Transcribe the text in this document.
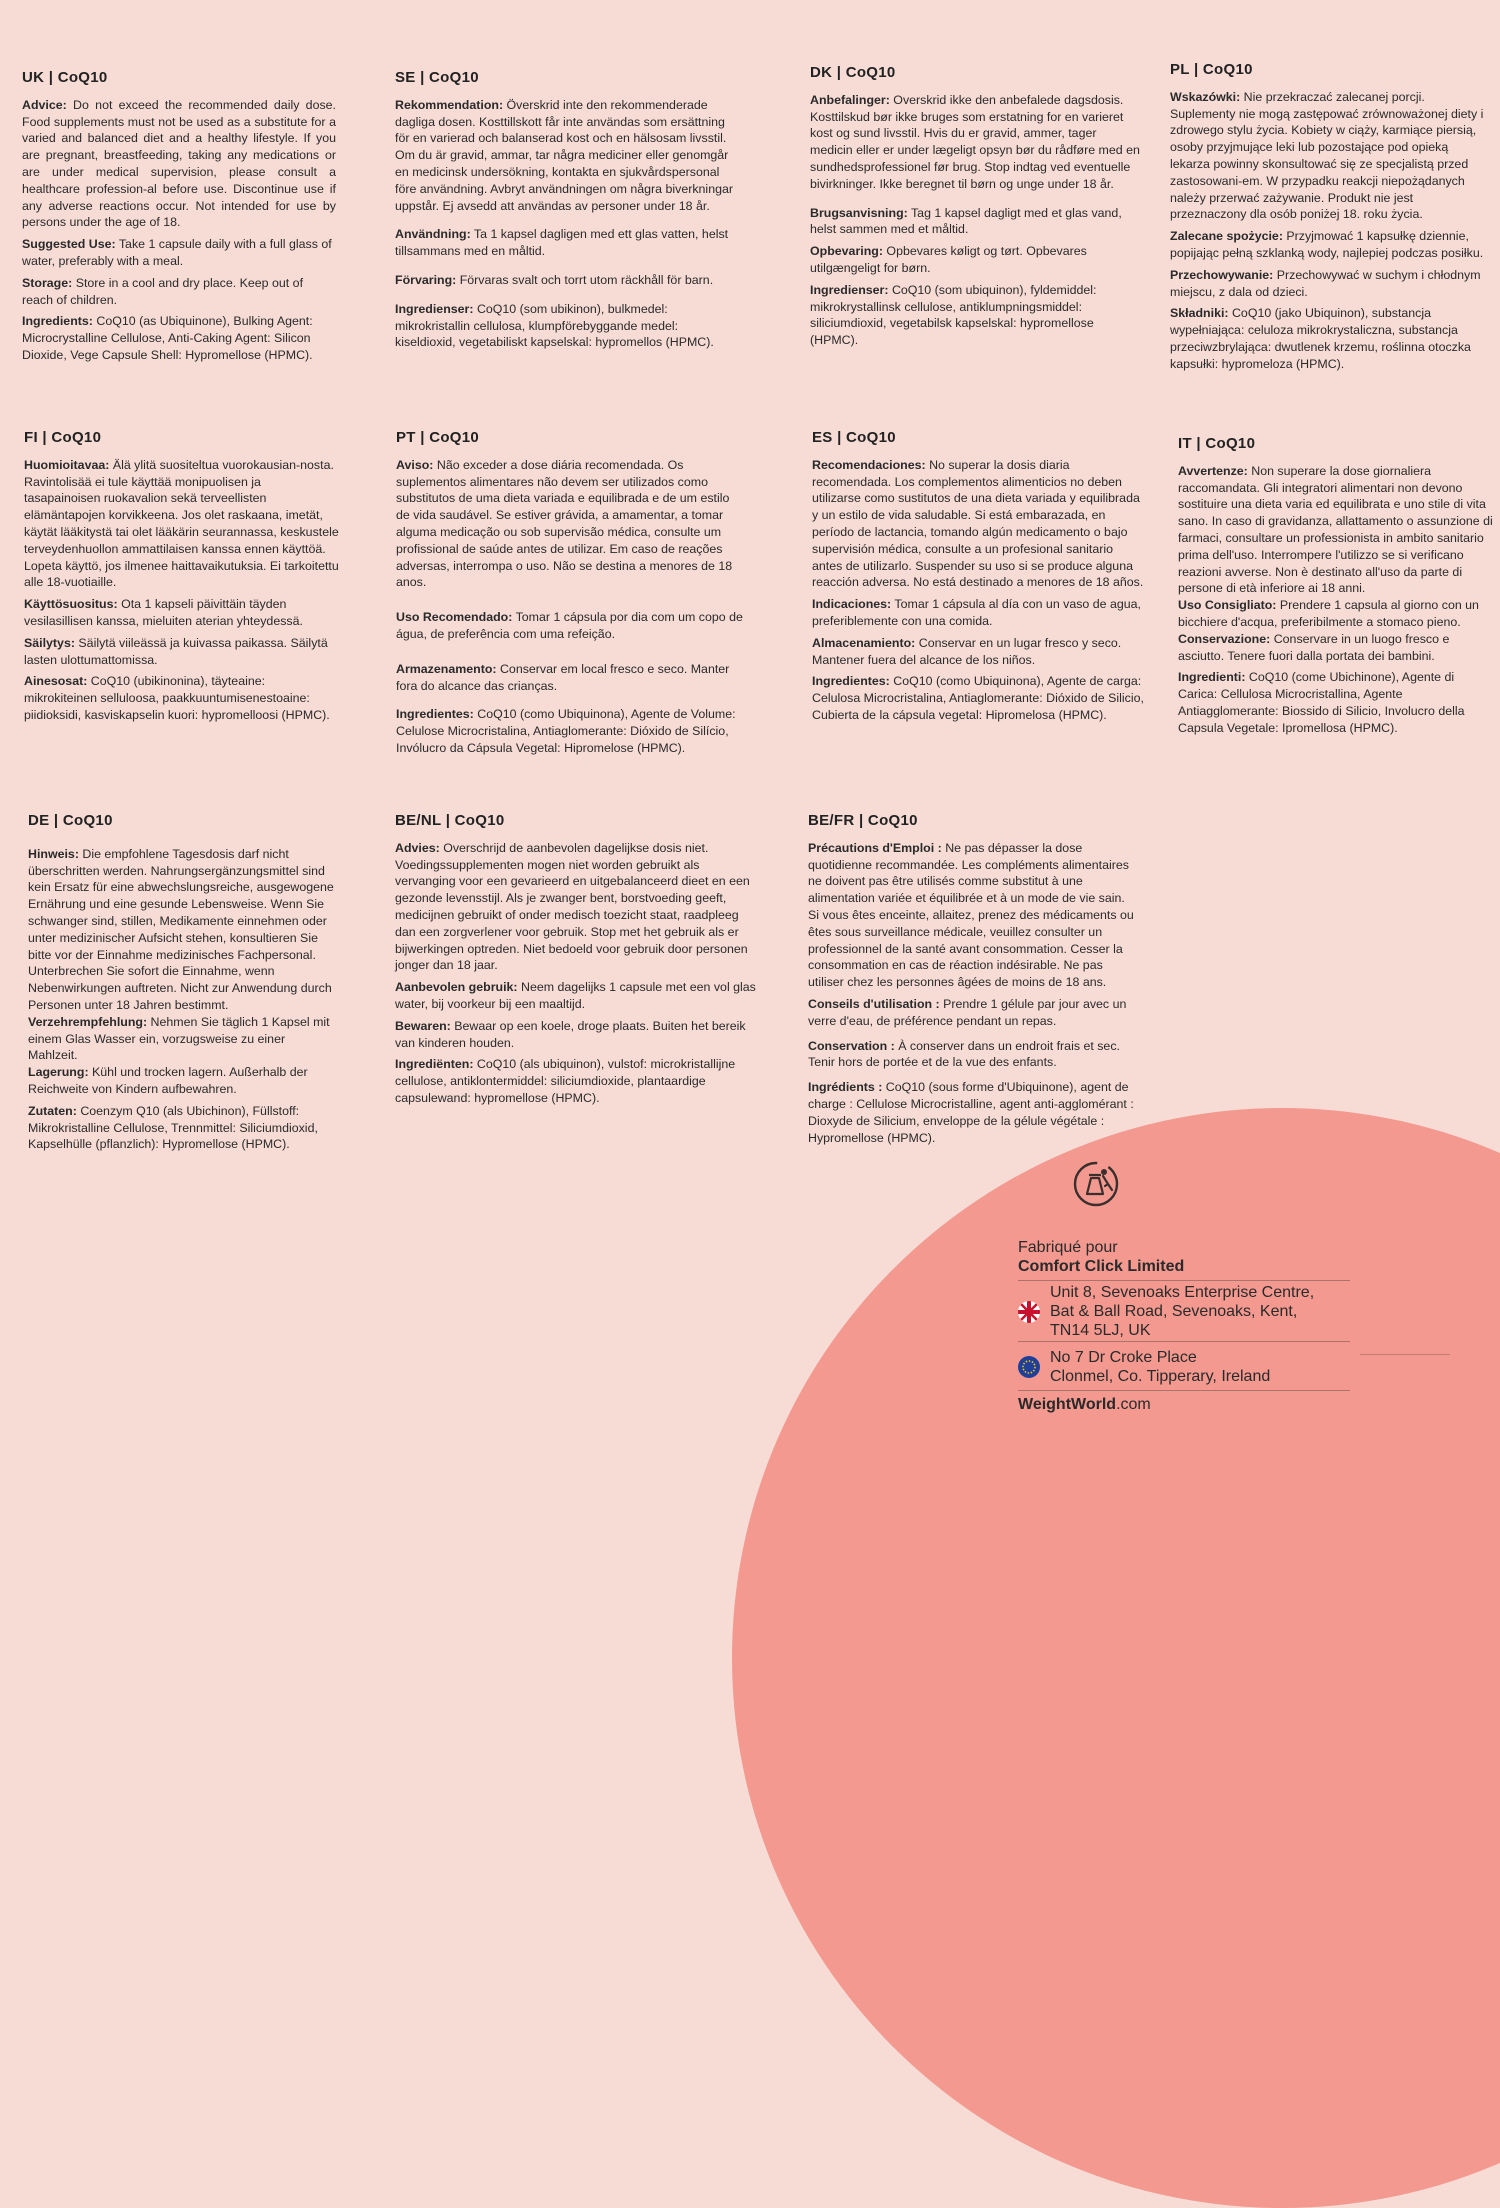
UK | CoQ10

Advice: Do not exceed the recommended daily dose. Food supplements must not be used as a substitute for a varied and balanced diet and a healthy lifestyle. If you are pregnant, breastfeeding, taking any medications or are under medical supervision, please consult a healthcare profession-al before use. Discontinue use if any adverse reactions occur. Not intended for use by persons under the age of 18.

Suggested Use: Take 1 capsule daily with a full glass of water, preferably with a meal.

Storage: Store in a cool and dry place. Keep out of reach of children.

Ingredients: CoQ10 (as Ubiquinone), Bulking Agent: Microcrystalline Cellulose, Anti-Caking Agent: Silicon Dioxide, Vege Capsule Shell: Hypromellose (HPMC).

SE | CoQ10

Rekommendation: Överskrid inte den rekommenderade dagliga dosen. Kosttillskott får inte användas som ersättning för en varierad och balanserad kost och en hälsosam livsstil. Om du är gravid, ammar, tar några mediciner eller genomgår en medicinsk undersökning, kontakta en sjukvårdspersonal före användning. Avbryt användningen om några biverkningar uppstår. Ej avsedd att användas av personer under 18 år.

Användning: Ta 1 kapsel dagligen med ett glas vatten, helst tillsammans med en måltid.

Förvaring: Förvaras svalt och torrt utom räckhåll för barn.

Ingredienser: CoQ10 (som ubikinon), bulkmedel: mikrokristallin cellulosa, klumpförebyggande medel: kiseldioxid, vegetabiliskt kapselskal: hypromellos (HPMC).

DK | CoQ10

Anbefalinger: Overskrid ikke den anbefalede dagsdosis. Kosttilskud bør ikke bruges som erstatning for en varieret kost og sund livsstil. Hvis du er gravid, ammer, tager medicin eller er under lægeligt opsyn bør du rådføre med en sundhedsprofessionel før brug. Stop indtag ved eventuelle bivirkninger. Ikke beregnet til børn og unge under 18 år.

Brugsanvisning: Tag 1 kapsel dagligt med et glas vand, helst sammen med et måltid.

Opbevaring: Opbevares køligt og tørt. Opbevares utilgængeligt for børn.

Ingredienser: CoQ10 (som ubiquinon), fyldemiddel: mikrokrystallinsk cellulose, antiklumpningsmiddel: siliciumdioxid, vegetabilsk kapselskal: hypromellose (HPMC).

PL | CoQ10

Wskazówki: Nie przekraczać zalecanej porcji. Suplementy nie mogą zastępować zrównoważonej diety i zdrowego stylu życia. Kobiety w ciąży, karmiące piersią, osoby przyjmujące leki lub pozostające pod opieką lekarza powinny skonsultować się ze specjalistą przed zastosowani-em. W przypadku reakcji niepożądanych należy przerwać zażywanie. Produkt nie jest przeznaczony dla osób poniżej 18. roku życia.

Zalecane spożycie: Przyjmować 1 kapsułkę dziennie, popijając pełną szklanką wody, najlepiej podczas posiłku.

Przechowywanie: Przechowywać w suchym i chłodnym miejscu, z dala od dzieci.

Składniki: CoQ10 (jako Ubiquinon), substancja wypełniająca: celuloza mikrokrystaliczna, substancja przeciwzbrylająca: dwutlenek krzemu, roślinna otoczka kapsułki: hypromeloza (HPMC).

FI | CoQ10

Huomioitavaa: Älä ylitä suositeltua vuorokausian-nosta. Ravintolisää ei tule käyttää monipuolisen ja tasapainoisen ruokavalion sekä terveellisten elämäntapojen korvikkeena. Jos olet raskaana, imetät, käytät lääkitystä tai olet lääkärin seurannassa, keskustele terveydenhuollon ammattilaisen kanssa ennen käyttöä. Lopeta käyttö, jos ilmenee haittavaikutuksia. Ei tarkoitettu alle 18-vuotiaille.

Käyttösuositus: Ota 1 kapseli päivittäin täyden vesilasillisen kanssa, mieluiten aterian yhteydessä.

Säilytys: Säilytä viileässä ja kuivassa paikassa. Säilytä lasten ulottumattomissa.

Ainesosat: CoQ10 (ubikinonina), täyteaine: mikrokiteinen selluloosa, paakkuuntumisenestoaine: piidioksidi, kasviskapselin kuori: hypromelloosi (HPMC).

PT | CoQ10

Aviso: Não exceder a dose diária recomendada. Os suplementos alimentares não devem ser utilizados como substitutos de uma dieta variada e equilibrada e de um estilo de vida saudável. Se estiver grávida, a amamentar, a tomar alguma medicação ou sob supervisão médica, consulte um profissional de saúde antes de utilizar. Em caso de reações adversas, interrompa o uso. Não se destina a menores de 18 anos.

Uso Recomendado: Tomar 1 cápsula por dia com um copo de água, de preferência com uma refeição.

Armazenamento: Conservar em local fresco e seco. Manter fora do alcance das crianças.

Ingredientes: CoQ10 (como Ubiquinona), Agente de Volume: Celulose Microcristalina, Antiaglomerante: Dióxido de Silício, Invólucro da Cápsula Vegetal: Hipromelose (HPMC).

ES | CoQ10

Recomendaciones: No superar la dosis diaria recomendada. Los complementos alimenticios no deben utilizarse como sustitutos de una dieta variada y equilibrada y un estilo de vida saludable. Si está embarazada, en período de lactancia, tomando algún medicamento o bajo supervisión médica, consulte a un profesional sanitario antes de utilizarlo. Suspender su uso si se produce alguna reacción adversa. No está destinado a menores de 18 años.

Indicaciones: Tomar 1 cápsula al día con un vaso de agua, preferiblemente con una comida.

Almacenamiento: Conservar en un lugar fresco y seco. Mantener fuera del alcance de los niños.

Ingredientes: CoQ10 (como Ubiquinona), Agente de carga: Celulosa Microcristalina, Antiaglomerante: Dióxido de Silicio, Cubierta de la cápsula vegetal: Hipromelosa (HPMC).

IT | CoQ10

Avvertenze: Non superare la dose giornaliera raccomandata. Gli integratori alimentari non devono sostituire una dieta varia ed equilibrata e uno stile di vita sano. In caso di gravidanza, allattamento o assunzione di farmaci, consultare un professionista in ambito sanitario prima dell'uso. Interrompere l'utilizzo se si verificano reazioni avverse. Non è destinato all'uso da parte di persone di età inferiore ai 18 anni.

Uso Consigliato: Prendere 1 capsula al giorno con un bicchiere d'acqua, preferibilmente a stomaco pieno.

Conservazione: Conservare in un luogo fresco e asciutto. Tenere fuori dalla portata dei bambini.

Ingredienti: CoQ10 (come Ubichinone), Agente di Carica: Cellulosa Microcristallina, Agente Antiagglomerante: Biossido di Silicio, Involucro della Capsula Vegetale: Ipromellosa (HPMC).

DE | CoQ10

Hinweis: Die empfohlene Tagesdosis darf nicht überschritten werden. Nahrungsergänzungsmittel sind kein Ersatz für eine abwechslungsreiche, ausgewogene Ernährung und eine gesunde Lebensweise. Wenn Sie schwanger sind, stillen, Medikamente einnehmen oder unter medizinischer Aufsicht stehen, konsultieren Sie bitte vor der Einnahme medizinisches Fachpersonal. Unterbrechen Sie sofort die Einnahme, wenn Nebenwirkungen auftreten. Nicht zur Anwendung durch Personen unter 18 Jahren bestimmt.

Verzehrempfehlung: Nehmen Sie täglich 1 Kapsel mit einem Glas Wasser ein, vorzugsweise zu einer Mahlzeit.

Lagerung: Kühl und trocken lagern. Außerhalb der Reichweite von Kindern aufbewahren.

Zutaten: Coenzym Q10 (als Ubichinon), Füllstoff: Mikrokristalline Cellulose, Trennmittel: Siliciumdioxid, Kapselhülle (pflanzlich): Hypromellose (HPMC).

BE/NL | CoQ10

Advies: Overschrijd de aanbevolen dagelijkse dosis niet. Voedingssupplementen mogen niet worden gebruikt als vervanging voor een gevarieerd en uitgebalanceerd dieet en een gezonde levensstijl. Als je zwanger bent, borstvoeding geeft, medicijnen gebruikt of onder medisch toezicht staat, raadpleeg dan een zorgverlener voor gebruik. Stop met het gebruik als er bijwerkingen optreden. Niet bedoeld voor gebruik door personen jonger dan 18 jaar.

Aanbevolen gebruik: Neem dagelijks 1 capsule met een vol glas water, bij voorkeur bij een maaltijd.

Bewaren: Bewaar op een koele, droge plaats. Buiten het bereik van kinderen houden.

Ingrediënten: CoQ10 (als ubiquinon), vulstof: microkristallijne cellulose, antiklontermiddel: siliciumdioxide, plantaardige capsulewand: hypromellose (HPMC).

BE/FR | CoQ10

Précautions d'Emploi : Ne pas dépasser la dose quotidienne recommandée. Les compléments alimentaires ne doivent pas être utilisés comme substitut à une alimentation variée et équilibrée et à un mode de vie sain. Si vous êtes enceinte, allaitez, prenez des médicaments ou êtes sous surveillance médicale, veuillez consulter un professionnel de la santé avant consommation. Cesser la consommation en cas de réaction indésirable. Ne pas utiliser chez les personnes âgées de moins de 18 ans.

Conseils d'utilisation : Prendre 1 gélule par jour avec un verre d'eau, de préférence pendant un repas.

Conservation : À conserver dans un endroit frais et sec. Tenir hors de portée et de la vue des enfants.

Ingrédients : CoQ10 (sous forme d'Ubiquinone), agent de charge : Cellulose Microcristalline, agent anti-agglomérant : Dioxyde de Silicium, enveloppe de la gélule végétale : Hypromellose (HPMC).

Fabriqué pour
Comfort Click Limited
Unit 8, Sevenoaks Enterprise Centre, Bat & Ball Road, Sevenoaks, Kent, TN14 5LJ, UK
No 7 Dr Croke Place
Clonmel, Co. Tipperary, Ireland
WeightWorld.com
